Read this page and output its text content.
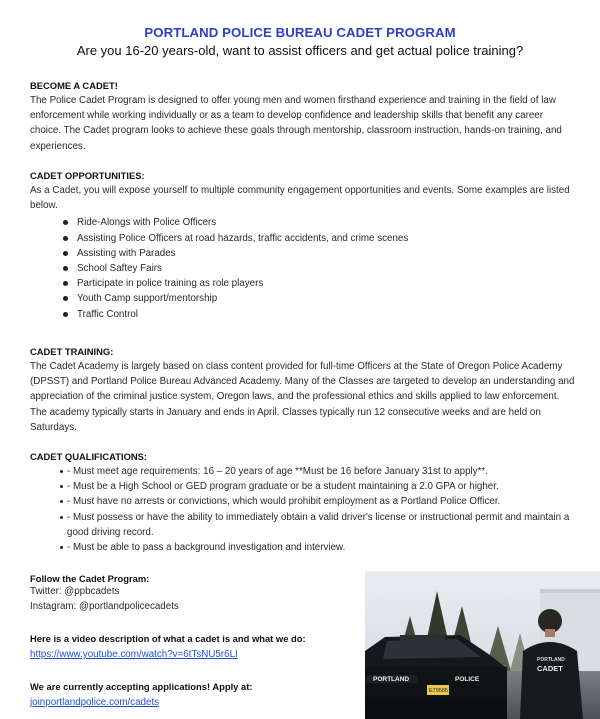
PORTLAND POLICE BUREAU CADET PROGRAM
Are you 16-20 years-old, want to assist officers and get actual police training?
BECOME A CADET!

The Police Cadet Program is designed to offer young men and women firsthand experience and training in the field of law enforcement while working individually or as a team to develop confidence and leadership skills that benefit any career choice. The Cadet program looks to achieve these goals through mentorship, classroom instruction, hands-on training, and experiences.

CADET OPPORTUNITIES:

As a Cadet, you will expose yourself to multiple community engagement opportunities and events. Some examples are listed below.

Ride-Alongs with Police Officers
Assisting Police Officers at road hazards, traffic accidents, and crime scenes
Assisting with Parades
School Saftey Fairs
Participate in police training as role players
Youth Camp support/mentorship
Traffic Control
CADET TRAINING:

The Cadet Academy is largely based on class content provided for full-time Officers at the State of Oregon Police Academy (DPSST) and Portland Police Bureau Advanced Academy. Many of the Classes are targeted to develop an understanding and appreciation of the criminal justice system, Oregon laws, and the professional ethics and skills applied to law enforcement. The academy typically starts in January and ends in April. Classes typically run 12 consecutive weeks and are held on Saturdays.

CADET QUALIFICATIONS:
- Must meet age requirements: 16 – 20 years of age **Must be 16 before January 31st to apply**.
- Must be a High School or GED program graduate or be a student maintaining a 2.0 GPA or higher.
- Must have no arrests or convictions, which would prohibit employment as a Portland Police Officer.
- Must possess or have the ability to immediately obtain a valid driver's license or instructional permit and maintain a good driving record.
- Must be able to pass a background investigation and interview.
Follow the Cadet Program:
Twitter: @ppbcadets
Instagram: @portlandpolicecadets
Here is a video description of what a cadet is and what we do:
https://www.youtube.com/watch?v=6tTsNU5r6LI
We are currently accepting applications! Apply at:
joinportlandpolice.com/cadets
PORTLAND	POLICE
E79585
PORTLAND
CADET
